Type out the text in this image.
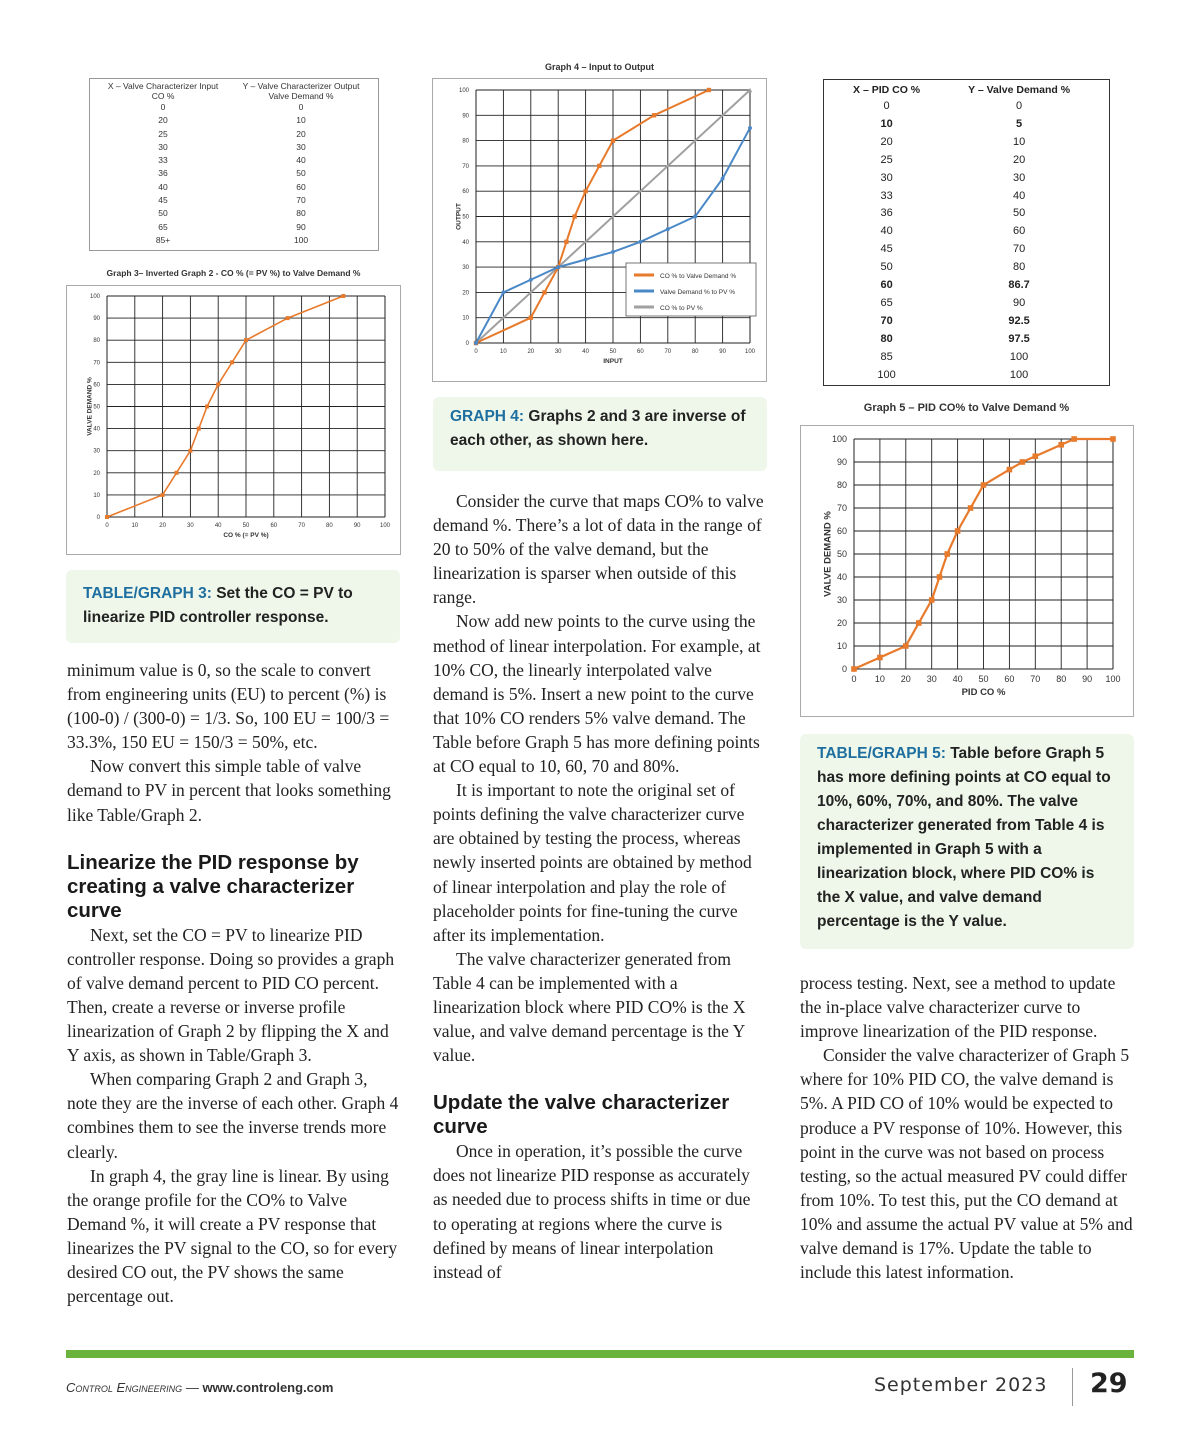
X – Valve Characterizer Input
CO %	Y – Valve Characterizer Output
Valve Demand %
0	0
20	10
25	20
30	30
33	40
36	50
40	60
45	70
50	80
65	90
85+	100
Graph 3– Inverted Graph 2 - CO % (= PV %) to Valve Demand %
0	10	20	30	40	50	60	70	80	90	100
0
10
20
30
40
50
60
70
80
90
100
CO % (= PV %)
VALVE DEMAND %
TABLE/GRAPH 3: Set the CO = PV to linearize PID controller response.
Graph 4 – Input to Output
0	10	20	30	40	50	60	70	80	90	100
0
10
20
30
40
50
60
70
80
90
100
INPUT
OUTPUT
CO % to Valve Demand %
Valve Demand % to PV %
CO % to PV %
GRAPH 4: Graphs 2 and 3 are inverse of each other, as shown here.
X – PID CO %	Y – Valve Demand %
0	0
10	5
20	10
25	20
30	30
33	40
36	50
40	60
45	70
50	80
60	86.7
65	90
70	92.5
80	97.5
85	100
100	100
Graph 5 – PID CO% to Valve Demand %
0 10 20 30 40 50 60 70 80 90 100
0
10
20
30
40
50
60
70
80
90
100
PID CO %
VALVE DEMAND %
TABLE/GRAPH 5: Table before Graph 5 has more defining points at CO equal to 10%, 60%, 70%, and 80%. The valve characterizer generated from Table 4 is implemented in Graph 5 with a linearization block, where PID CO% is the X value, and valve demand percentage is the Y value.

minimum value is 0, so the scale to convert from engineering units (EU) to percent (%) is (100-0) / (300-0) = 1/3. So, 100 EU = 100/3 = 33.3%, 150 EU = 150/3 = 50%, etc.

Now convert this simple table of valve demand to PV in percent that looks something like Table/Graph 2.

Linearize the PID response by creating a valve characterizer curve

Next, set the CO = PV to linearize PID controller response. Doing so provides a graph of valve demand percent to PID CO percent. Then, create a reverse or inverse profile linearization of Graph 2 by flipping the X and Y axis, as shown in Table/Graph 3.

When comparing Graph 2 and Graph 3, note they are the inverse of each other. Graph 4 combines them to see the inverse trends more clearly.

In graph 4, the gray line is linear. By using the orange profile for the CO% to Valve Demand %, it will create a PV response that linearizes the PV signal to the CO, so for every desired CO out, the PV shows the same percentage out.

Consider the curve that maps CO% to valve demand %. There’s a lot of data in the range of 20 to 50% of the valve demand, but the linearization is sparser when outside of this range.

Now add new points to the curve using the method of linear interpolation. For example, at 10% CO, the linearly interpolated valve demand is 5%. Insert a new point to the curve that 10% CO renders 5% valve demand. The Table before Graph 5 has more defining points at CO equal to 10, 60, 70 and 80%.

It is important to note the original set of points defining the valve characterizer curve are obtained by testing the process, whereas newly inserted points are obtained by method of linear interpolation and play the role of placeholder points for fine-tuning the curve after its implementation.

The valve characterizer generated from Table 4 can be implemented with a linearization block where PID CO% is the X value, and valve demand percentage is the Y value.

Update the valve characterizer curve

Once in operation, it’s possible the curve does not linearize PID response as accurately as needed due to process shifts in time or due to operating at regions where the curve is defined by means of linear interpolation instead of

process testing. Next, see a method to update the in-place valve characterizer curve to improve linearization of the PID response.

Consider the valve characterizer of Graph 5 where for 10% PID CO, the valve demand is 5%. A PID CO of 10% would be expected to produce a PV response of 10%. However, this point in the curve was not based on process testing, so the actual measured PV could differ from 10%. To test this, put the CO demand at 10% and assume the actual PV value at 5% and valve demand is 17%. Update the table to include this latest information.

Control Engineering — www.controleng.com	September 2023 29
